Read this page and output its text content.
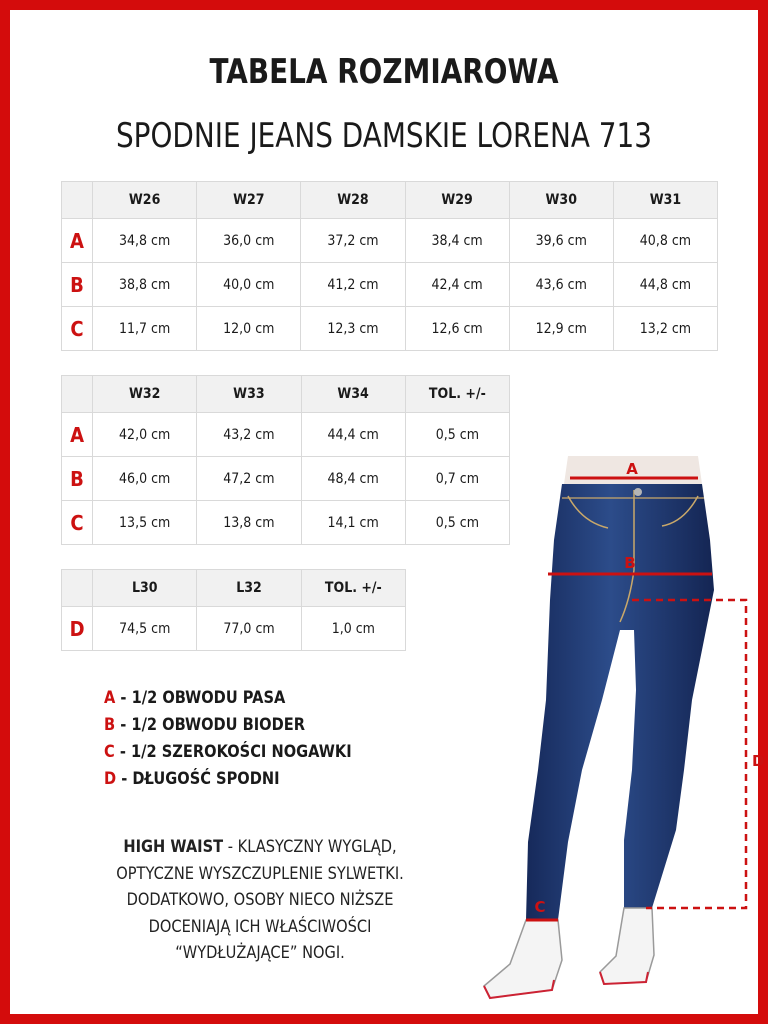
TABELA ROZMIAROWA
SPODNIE JEANS DAMSKIE LORENA 713
	W26	W27	W28	W29	W30	W31
A	34,8 cm	36,0 cm	37,2 cm	38,4 cm	39,6 cm	40,8 cm
B	38,8 cm	40,0 cm	41,2 cm	42,4 cm	43,6 cm	44,8 cm
C	11,7 cm	12,0 cm	12,3 cm	12,6 cm	12,9 cm	13,2 cm
	W32	W33	W34	TOL. +/-
A	42,0 cm	43,2 cm	44,4 cm	0,5 cm
B	46,0 cm	47,2 cm	48,4 cm	0,7 cm
C	13,5 cm	13,8 cm	14,1 cm	0,5 cm
	L30	L32	TOL. +/-
D	74,5 cm	77,0 cm	1,0 cm
A - 1/2 OBWODU PASA
B - 1/2 OBWODU BIODER
C - 1/2 SZEROKOŚCI NOGAWKI
D - DŁUGOŚĆ SPODNI
HIGH WAIST - KLASYCZNY WYGLĄD,
OPTYCZNE WYSZCZUPLENIE SYLWETKI.
DODATKOWO, OSOBY NIECO NIŻSZE
DOCENIAJĄ ICH WŁAŚCIWOŚCI
“WYDŁUŻAJĄCE” NOGI.
A
B
C
D
